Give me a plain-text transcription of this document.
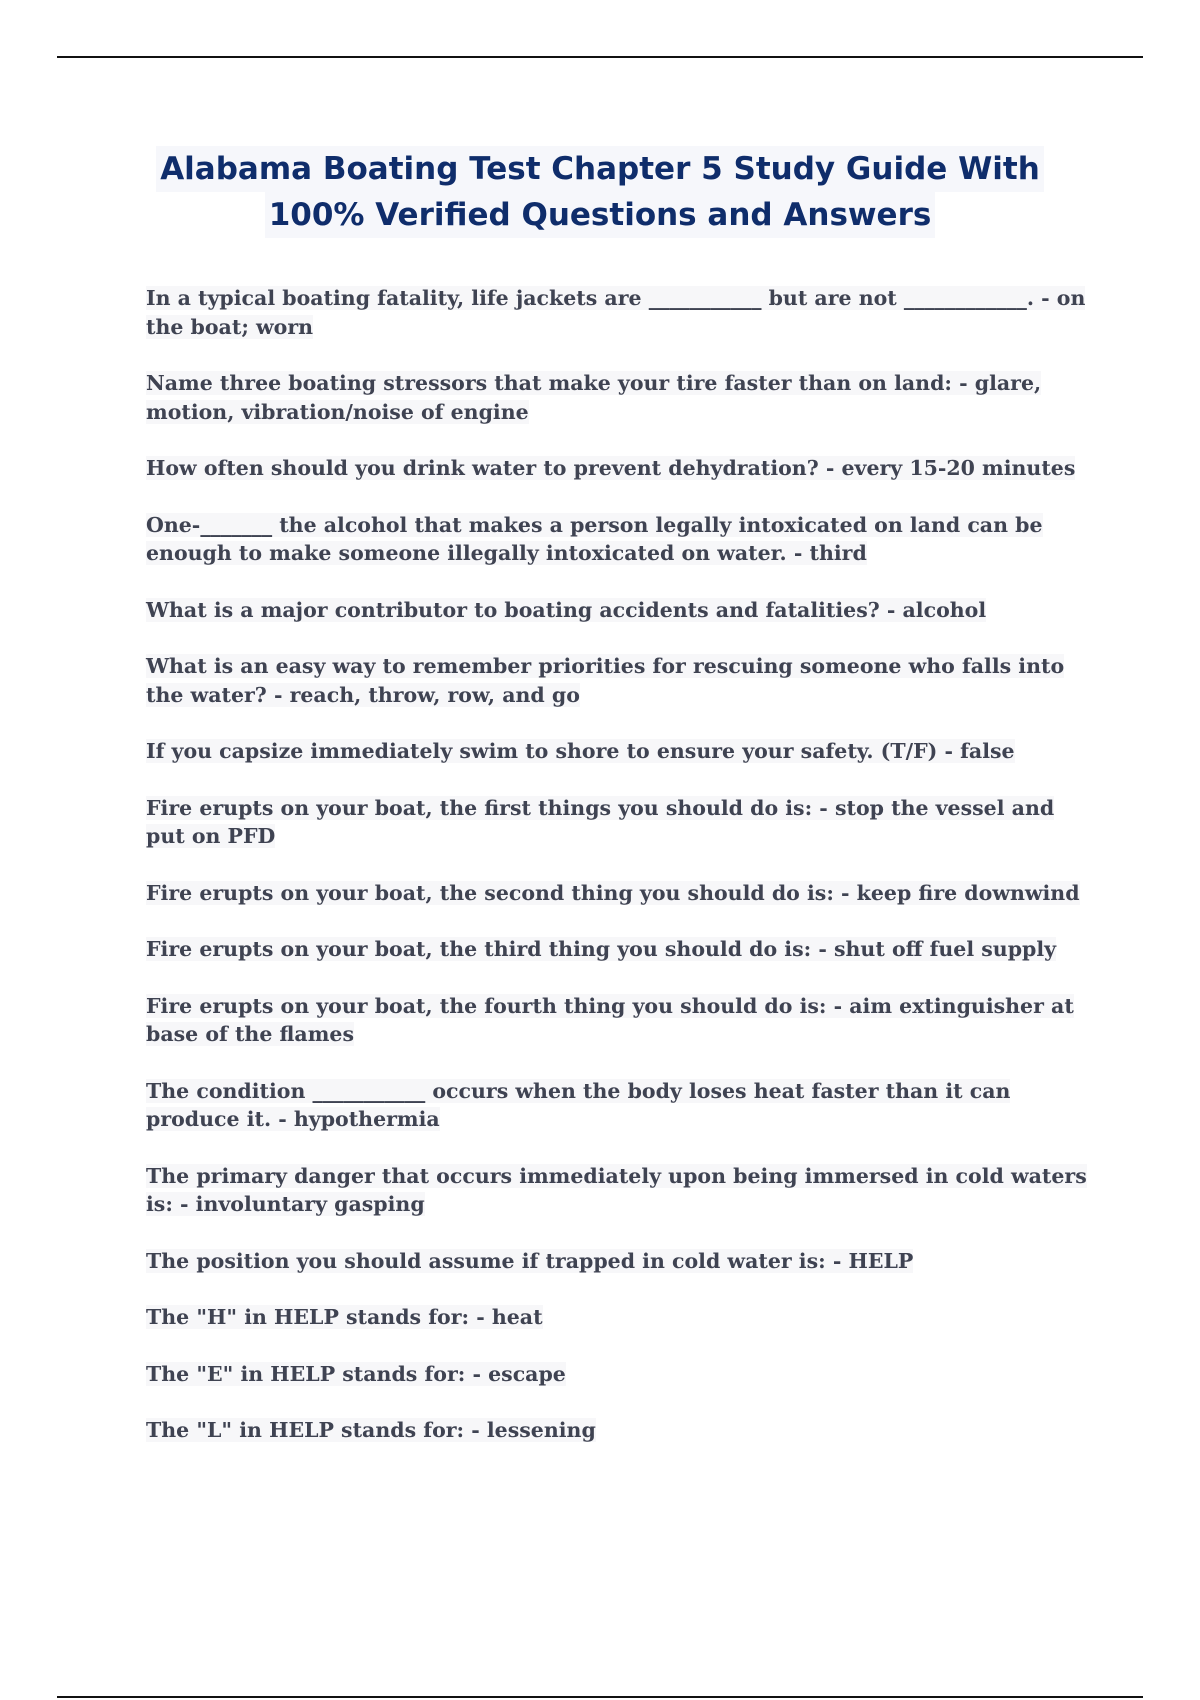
Alabama Boating Test Chapter 5 Study Guide With
100% Verified Questions and Answers
In a typical boating fatality, life jackets are ___________ but are not ____________. - on the boat; worn
Name three boating stressors that make your tire faster than on land: - glare, motion, vibration/noise of engine
How often should you drink water to prevent dehydration? - every 15-20 minutes
One-_______ the alcohol that makes a person legally intoxicated on land can be enough to make someone illegally intoxicated on water. - third
What is a major contributor to boating accidents and fatalities? - alcohol
What is an easy way to remember priorities for rescuing someone who falls into the water? - reach, throw, row, and go
If you capsize immediately swim to shore to ensure your safety. (T/F) - false
Fire erupts on your boat, the first things you should do is: - stop the vessel and put on PFD
Fire erupts on your boat, the second thing you should do is: - keep fire downwind
Fire erupts on your boat, the third thing you should do is: - shut off fuel supply
Fire erupts on your boat, the fourth thing you should do is: - aim extinguisher at base of the flames
The condition ___________ occurs when the body loses heat faster than it can produce it. - hypothermia
The primary danger that occurs immediately upon being immersed in cold waters is: - involuntary gasping
The position you should assume if trapped in cold water is: - HELP
The "H" in HELP stands for: - heat
The "E" in HELP stands for: - escape
The "L" in HELP stands for: - lessening
